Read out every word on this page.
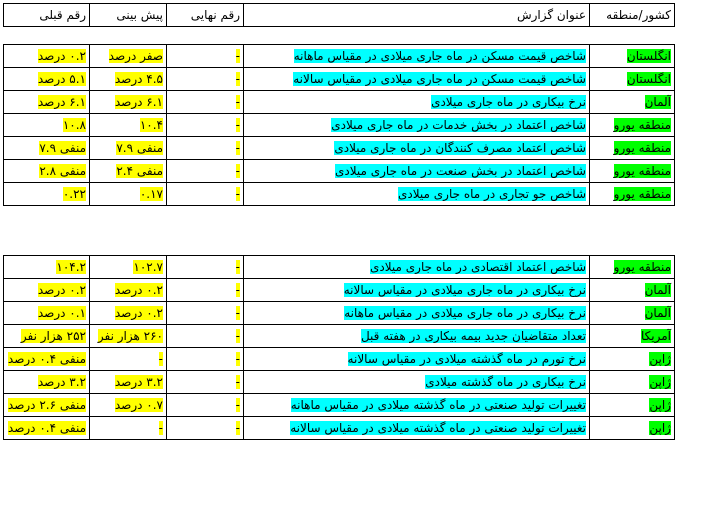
رقم قبلی	پیش بینی	رقم نهایی	عنوان گزارش	کشور/منطقه
۰.۲ درصد	صفر درصد	-	شاخص قیمت مسکن در ماه جاری میلادی در مقیاس ماهانه	انگلستان
۵.۱ درصد	۴.۵ درصد	-	شاخص قیمت مسکن در ماه جاری میلادی در مقیاس سالانه	انگلستان
۶.۱ درصد	۶.۱ درصد	-	نرخ بیکاری در ماه جاری میلادی	آلمان
۱۰.۸	۱۰.۴	-	شاخص اعتماد در بخش خدمات در ماه جاری میلادی	منطقه یورو
منفی ۷.۹	منفی ۷.۹	-	شاخص اعتماد مصرف کنندگان در ماه جاری میلادی	منطقه یورو
منفی ۲.۸	منفی ۲.۴	-	شاخص اعتماد در بخش صنعت در ماه جاری میلادی	منطقه یورو
۰.۲۲	۰.۱۷	-	شاخص جو تجاری در ماه جاری میلادی	منطقه یورو
۱۰۴.۲	۱۰۲.۷	-	شاخص اعتماد اقتصادی در ماه جاری میلادی	منطقه یورو
۰.۲ درصد	۰.۲ درصد	-	نرخ بیکاری در ماه جاری میلادی در مقیاس سالانه	آلمان
۰.۱ درصد	۰.۲ درصد	-	نرخ بیکاری در ماه جاری میلادی در مقیاس ماهانه	آلمان
۲۵۲ هزار نفر	۲۶۰ هزار نفر	-	تعداد متقاضیان جدید بیمه بیکاری در هفته قبل	آمریکا
منفی ۰.۴ درصد	-	-	نرخ تورم در ماه گذشته میلادی در مقیاس سالانه	ژاپن
۳.۲ درصد	۳.۲ درصد	-	نرخ بیکاری در ماه گذشته میلادی	ژاپن
منفی ۲.۶ درصد	۰.۷ درصد	-	تغییرات تولید صنعتی در ماه گذشته میلادی در مقیاس ماهانه	ژاپن
منفی ۰.۴ درصد	-	-	تغییرات تولید صنعتی در ماه گذشته میلادی در مقیاس سالانه	ژاپن
